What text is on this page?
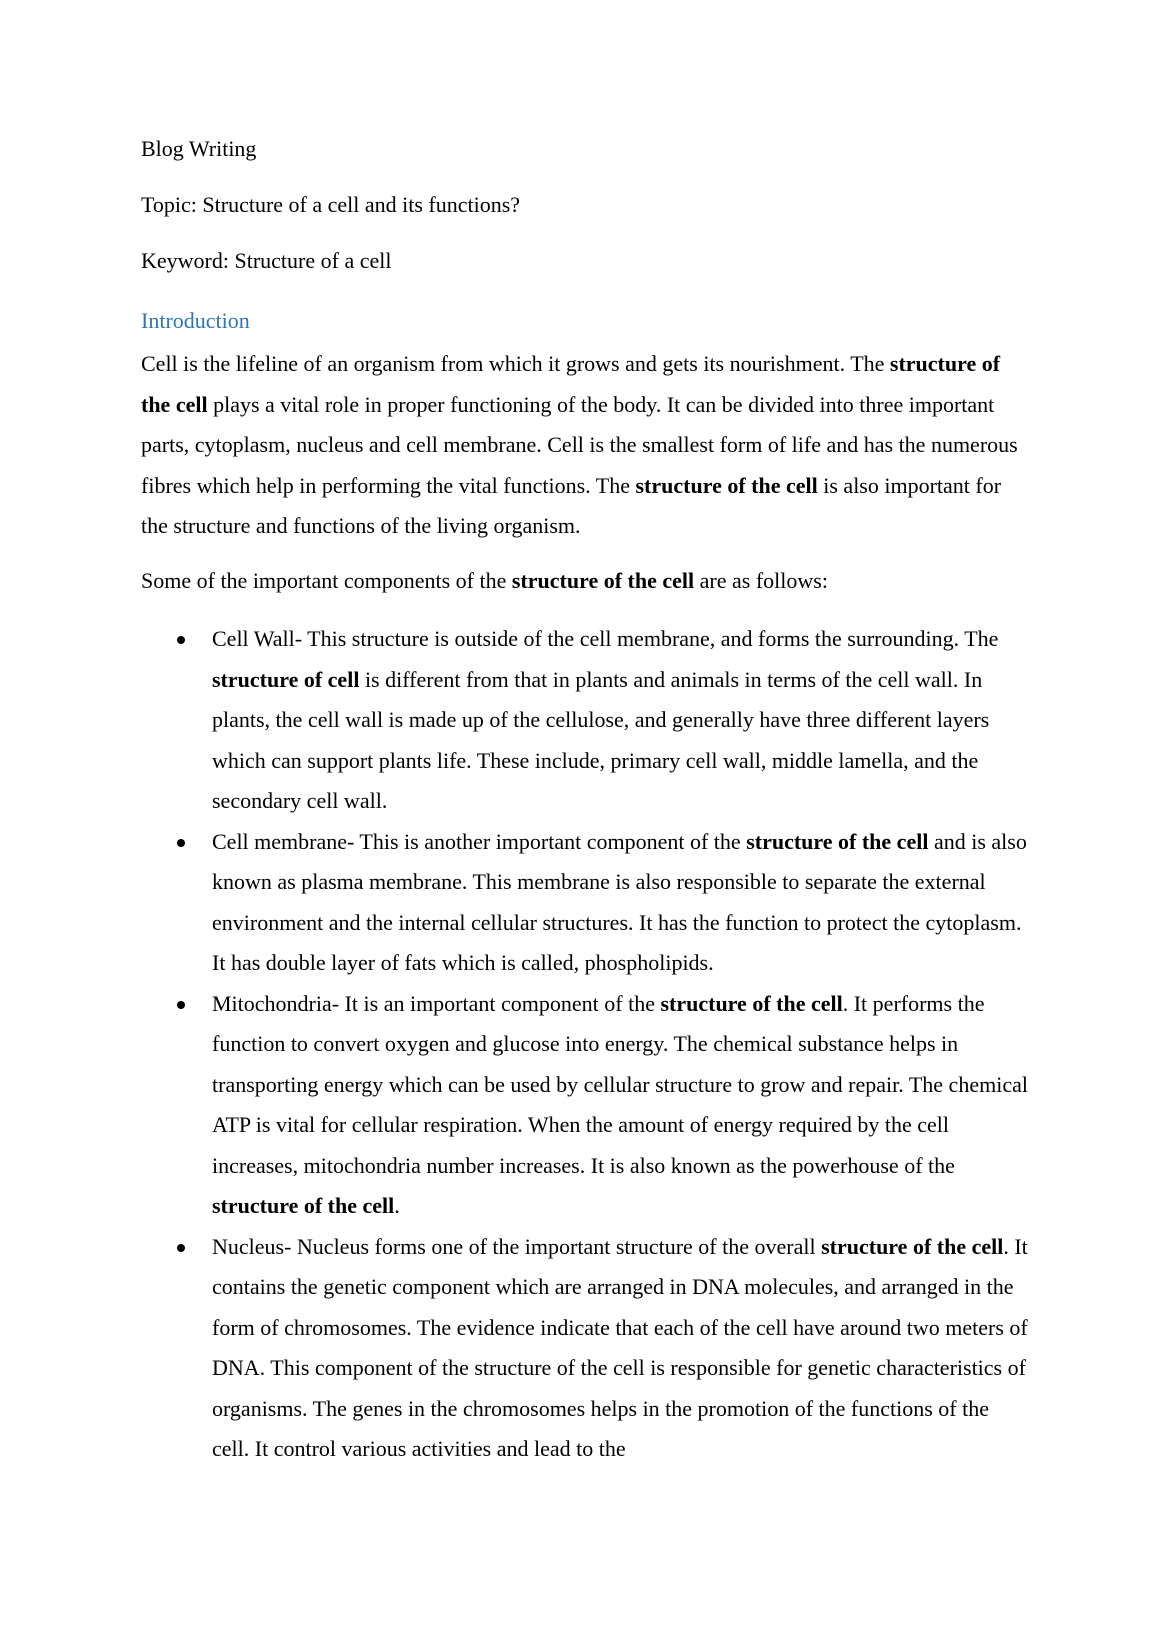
Blog Writing

Topic: Structure of a cell and its functions?

Keyword: Structure of a cell

Introduction

Cell is the lifeline of an organism from which it grows and gets its nourishment. The structure of the cell plays a vital role in proper functioning of the body. It can be divided into three important parts, cytoplasm, nucleus and cell membrane. Cell is the smallest form of life and has the numerous fibres which help in performing the vital functions. The structure of the cell is also important for the structure and functions of the living organism.

Some of the important components of the structure of the cell are as follows:

Cell Wall- This structure is outside of the cell membrane, and forms the surrounding. The structure of cell is different from that in plants and animals in terms of the cell wall. In plants, the cell wall is made up of the cellulose, and generally have three different layers which can support plants life. These include, primary cell wall, middle lamella, and the secondary cell wall.
Cell membrane- This is another important component of the structure of the cell and is also known as plasma membrane. This membrane is also responsible to separate the external environment and the internal cellular structures. It has the function to protect the cytoplasm. It has double layer of fats which is called, phospholipids.
Mitochondria- It is an important component of the structure of the cell. It performs the function to convert oxygen and glucose into energy. The chemical substance helps in transporting energy which can be used by cellular structure to grow and repair. The chemical ATP is vital for cellular respiration. When the amount of energy required by the cell increases, mitochondria number increases. It is also known as the powerhouse of the structure of the cell.
Nucleus- Nucleus forms one of the important structure of the overall structure of the cell. It contains the genetic component which are arranged in DNA molecules, and arranged in the form of chromosomes. The evidence indicate that each of the cell have around two meters of DNA. This component of the structure of the cell is responsible for genetic characteristics of organisms. The genes in the chromosomes helps in the promotion of the functions of the cell. It control various activities and lead to the
